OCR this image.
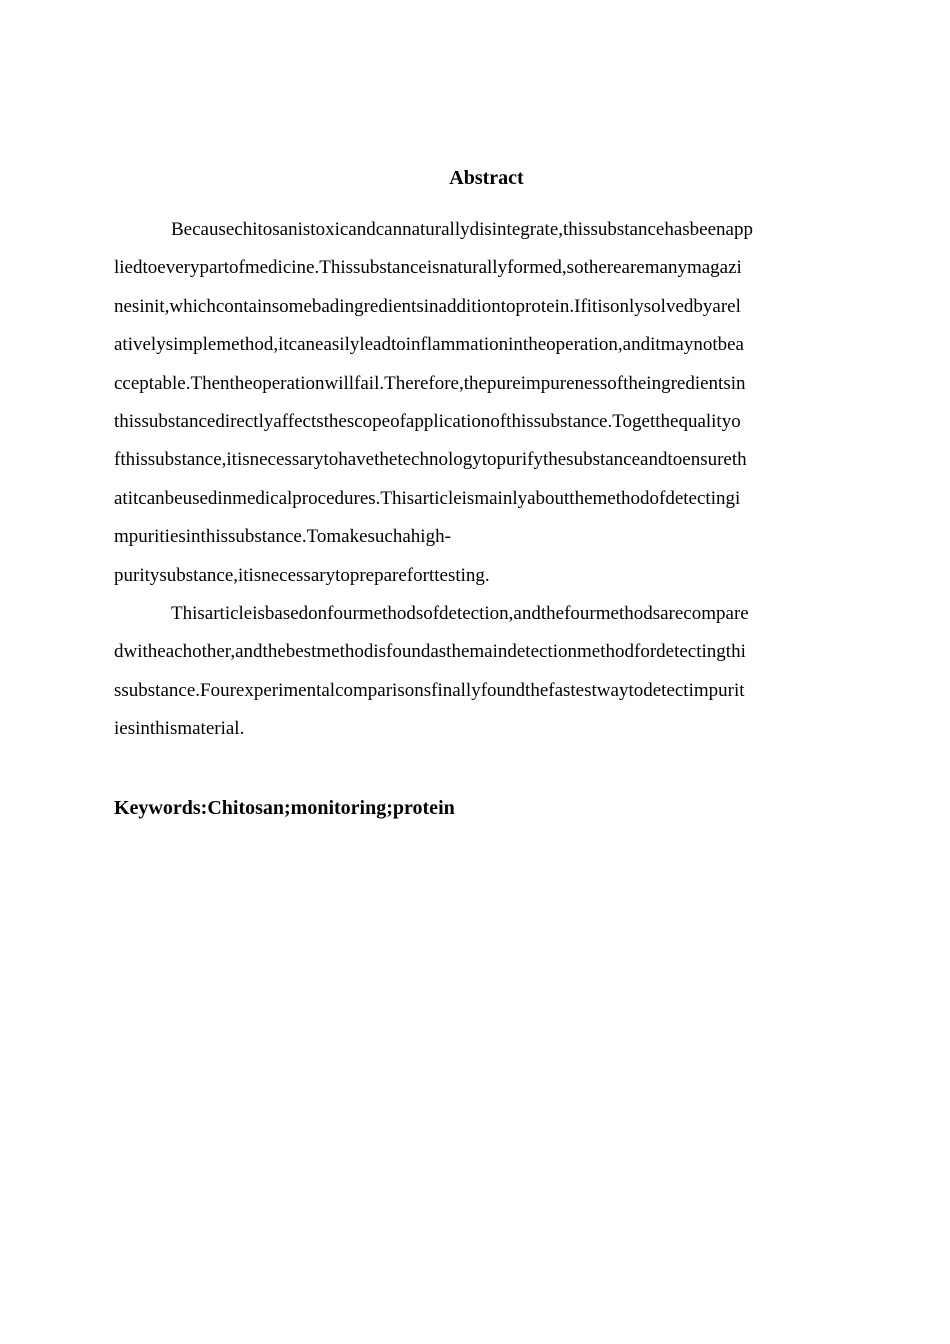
Abstract
Becausechitosanistoxicandcannaturallydisintegrate,thissubstancehasbeenapp
liedtoeverypartofmedicine.Thissubstanceisnaturallyformed,sotherearemanymagazi
nesinit,whichcontainsomebadingredientsinadditiontoprotein.Ifitisonlysolvedbyarel
ativelysimplemethod,itcaneasilyleadtoinflammationintheoperation,anditmaynotbea
cceptable.Thentheoperationwillfail.Therefore,thepureimpurenessoftheingredientsin
thissubstancedirectlyaffectsthescopeofapplicationofthissubstance.Togetthequalityo
fthissubstance,itisnecessarytohavethetechnologytopurifythesubstanceandtoensureth
atitcanbeusedinmedicalprocedures.Thisarticleismainlyaboutthemethodofdetectingi
mpuritiesinthissubstance.Tomakesuchahigh-
puritysubstance,itisnecessarytoprepareforttesting.
Thisarticleisbasedonfourmethodsofdetection,andthefourmethodsarecompare
dwitheachother,andthebestmethodisfoundasthemaindetectionmethodfordetectingthi
ssubstance.Fourexperimentalcomparisonsfinallyfoundthefastestwaytodetectimpurit
iesinthismaterial.
Keywords:Chitosan;monitoring;protein
